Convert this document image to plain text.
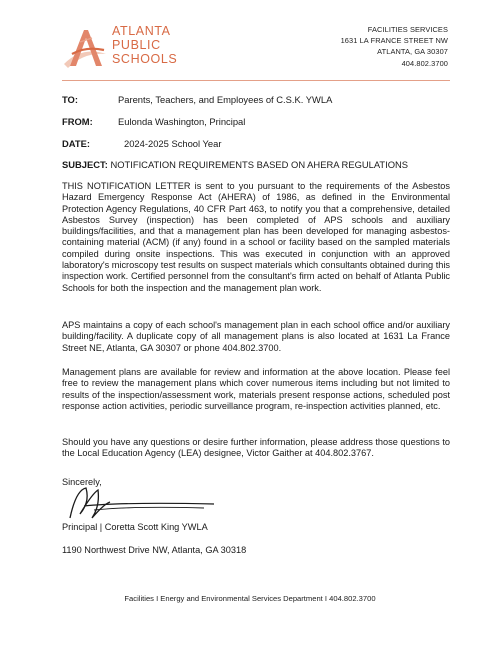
ATLANTA
PUBLIC
SCHOOLS
FACILITIES SERVICES
1631 LA FRANCE STREET NW
ATLANTA, GA 30307
404.802.3700
TO:	Parents, Teachers, and Employees of C.S.K. YWLA
FROM:	Eulonda Washington, Principal
DATE:	2024-2025 School Year
SUBJECT: NOTIFICATION REQUIREMENTS BASED ON AHERA REGULATIONS

THIS NOTIFICATION LETTER is sent to you pursuant to the requirements of the Asbestos Hazard Emergency Response Act (AHERA) of 1986, as defined in the Environmental Protection Agency Regulations, 40 CFR Part 463, to notify you that a comprehensive, detailed Asbestos Survey (inspection) has been completed of APS schools and auxiliary buildings/facilities, and that a management plan has been developed for managing asbestos-containing material (ACM) (if any) found in a school or facility based on the sampled materials compiled during onsite inspections. This was executed in conjunction with an approved laboratory's microscopy test results on suspect materials which consultants obtained during this inspection work. Certified personnel from the consultant's firm acted on behalf of Atlanta Public Schools for both the inspection and the management plan work.

APS maintains a copy of each school's management plan in each school office and/or auxiliary building/facility. A duplicate copy of all management plans is also located at 1631 La France Street NE, Atlanta, GA 30307 or phone 404.802.3700.

Management plans are available for review and information at the above location. Please feel free to review the management plans which cover numerous items including but not limited to results of the inspection/assessment work, materials present response actions, scheduled post response action activities, periodic surveillance program, re-inspection activities planned, etc.

Should you have any questions or desire further information, please address those questions to the Local Education Agency (LEA) designee, Victor Gaither at 404.802.3767.

Sincerely,
Principal | Coretta Scott King YWLA
1190 Northwest Drive NW, Atlanta, GA 30318
Facilities I Energy and Environmental Services Department I 404.802.3700
